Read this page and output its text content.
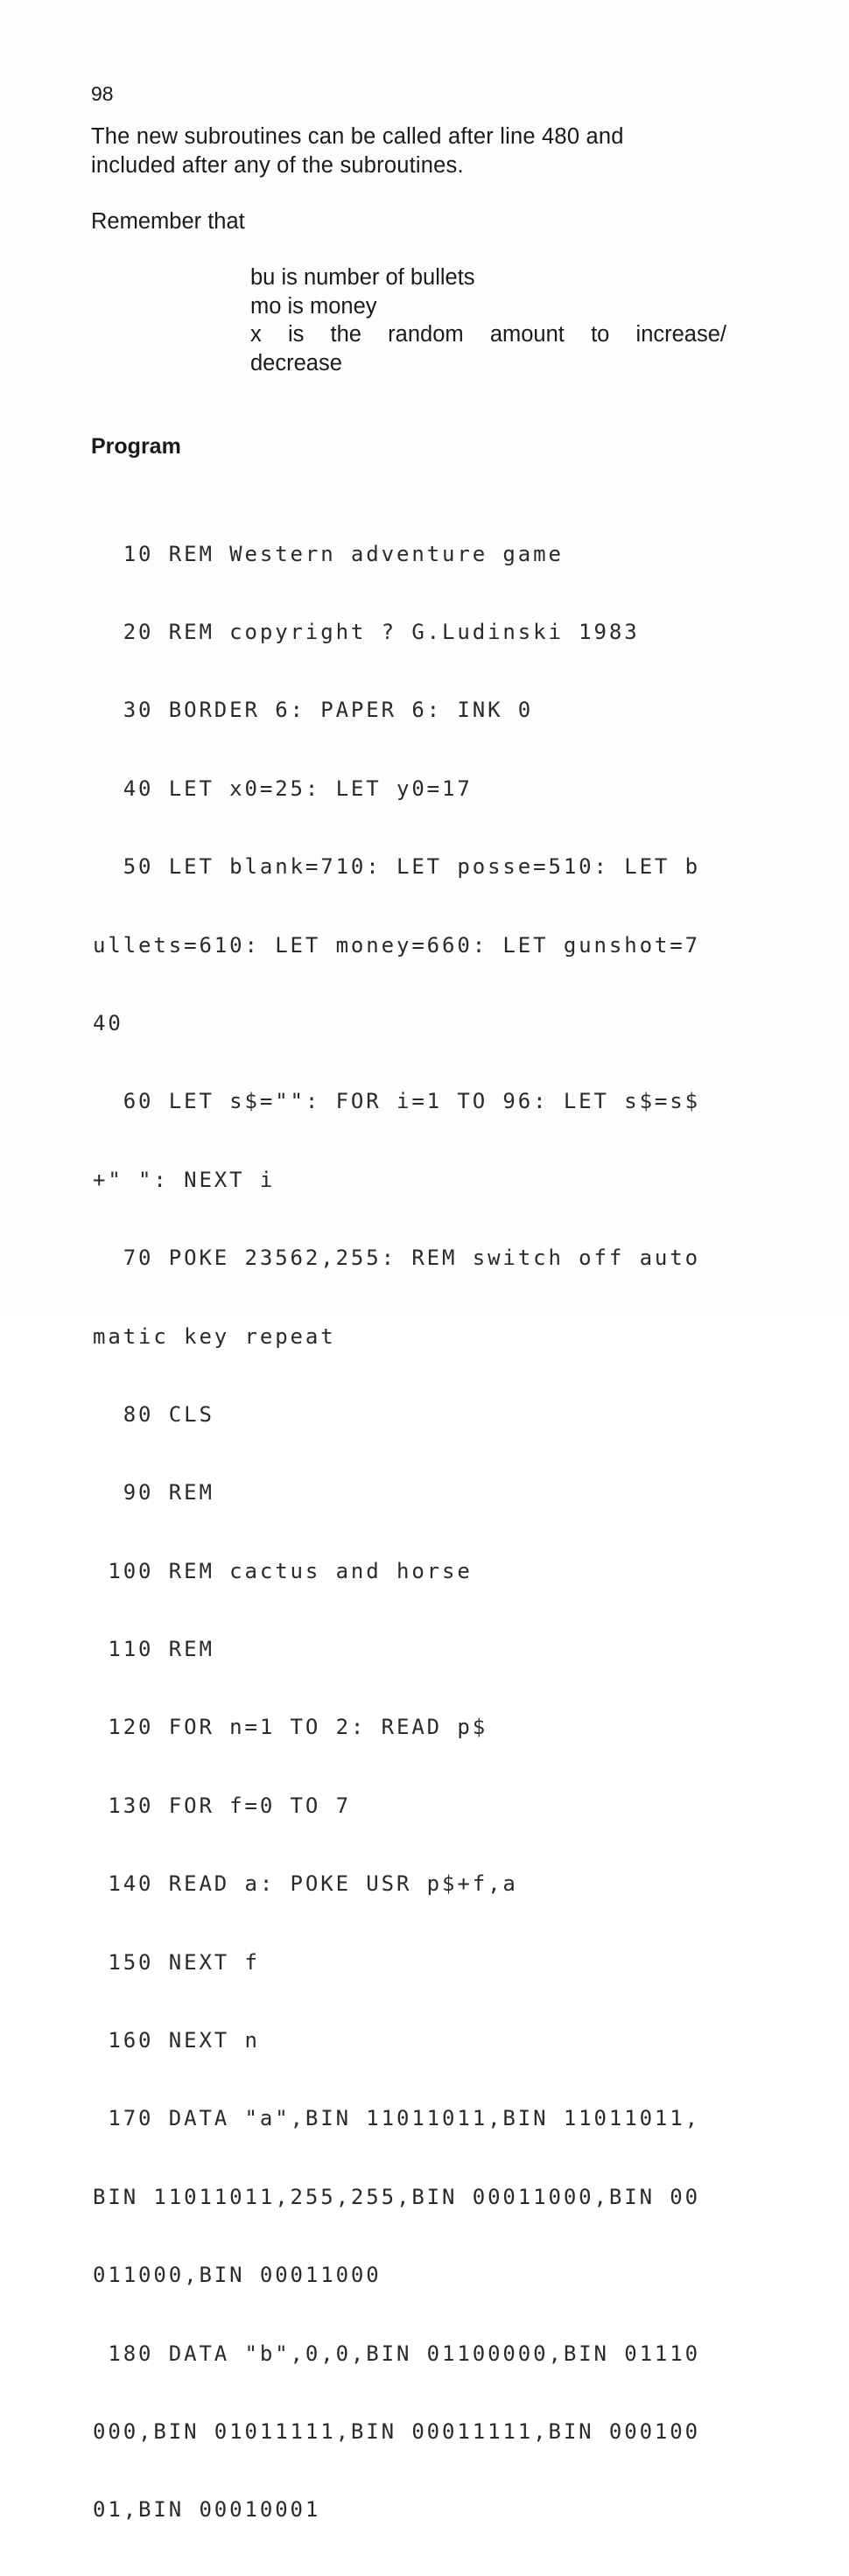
98
The new subroutines can be called after line 480 and
included after any of the subroutines.
Remember that
bu is number of bullets
mo is money
x is the random amount to increase/
decrease
Program

10 REM Western adventure game

20 REM copyright ? G.Ludinski 1983

30 BORDER 6: PAPER 6: INK 0

40 LET x0=25: LET y0=17

50 LET blank=710: LET posse=510: LET b

ullets=610: LET money=660: LET gunshot=7

40

60 LET s$="": FOR i=1 TO 96: LET s$=s$

+" ": NEXT i

70 POKE 23562,255: REM switch off auto

matic key repeat

80 CLS

90 REM

100 REM cactus and horse

110 REM

120 FOR n=1 TO 2: READ p$

130 FOR f=0 TO 7

140 READ a: POKE USR p$+f,a

150 NEXT f

160 NEXT n

170 DATA "a",BIN 11011011,BIN 11011011,

BIN 11011011,255,255,BIN 00011000,BIN 00

011000,BIN 00011000

180 DATA "b",0,0,BIN 01100000,BIN 01110

000,BIN 01011111,BIN 00011111,BIN 000100

01,BIN 00010001
